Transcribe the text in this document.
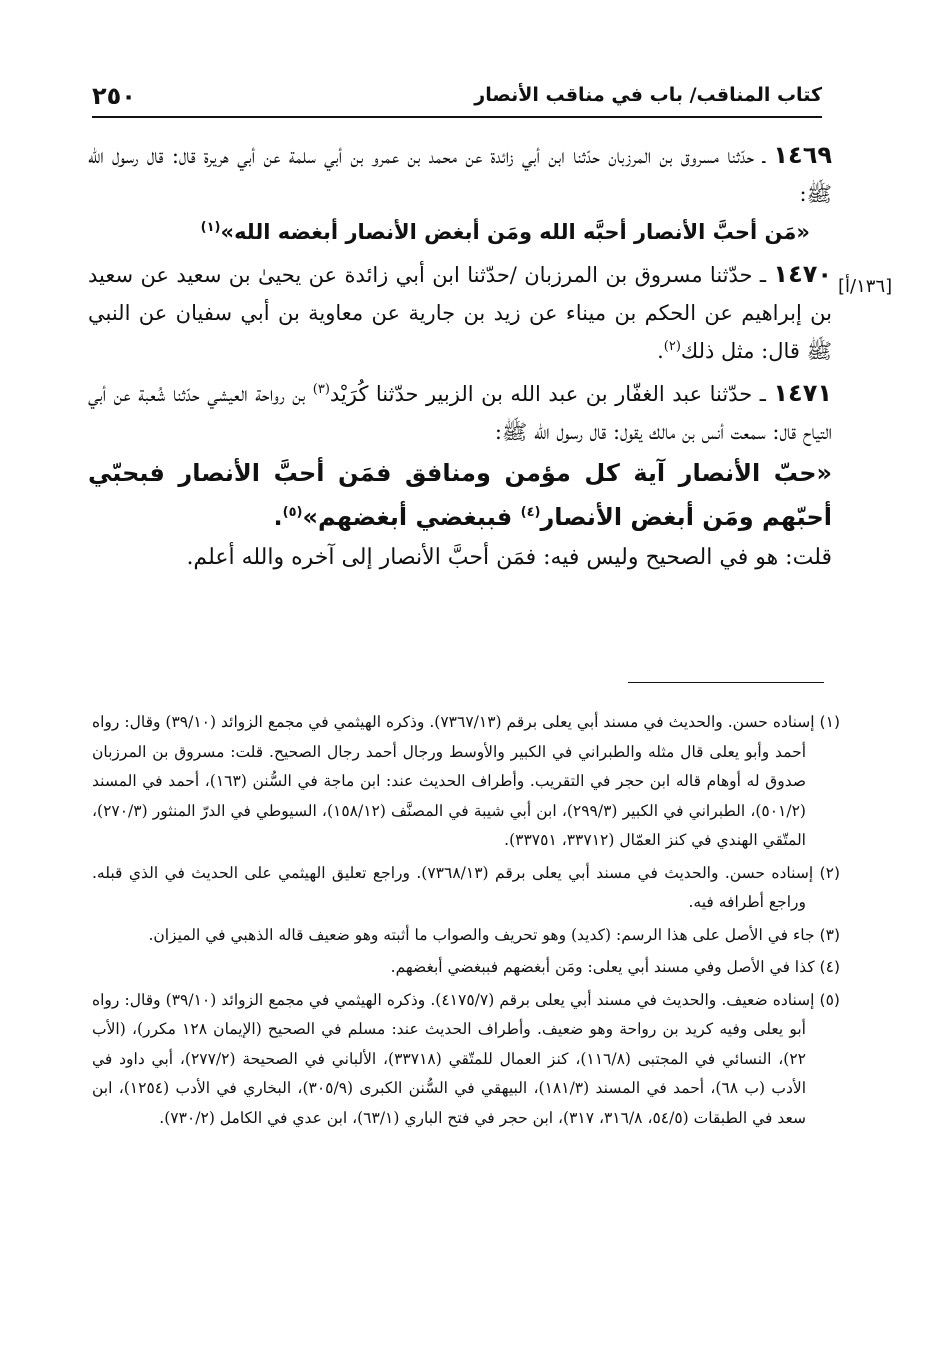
٢٥٠	كتاب المناقب/ باب في مناقب الأنصار
[١٣٦/أ]

١٤٦٩ ـ حدّثنا مسروق بن المرزبان حدّثنا ابن أبي زائدة عن محمد بن عمرو بن أبي سلمة عن أبي هريرة قال: قال رسول الله ﷺ:

«مَن أحبَّ الأنصار أحبَّه الله ومَن أبغض الأنصار أبغضه الله»$^{(١)}$

١٤٧٠ ـ حدّثنا مسروق بن المرزبان /حدّثنا ابن أبي زائدة عن يحيىٰ بن سعيد عن سعيد بن إبراهيم عن الحكم بن ميناء عن زيد بن جارية عن معاوية بن أبي سفيان عن النبي ﷺ قال: مثل ذلك$^{(٢)}$.

١٤٧١ ـ حدّثنا عبد الغفّار بن عبد الله بن الزبير حدّثنا كُرَيْد$^{(٣)}$ بن رواحة العيشي حدّثنا شُعبة عن أبي التياح قال: سمعت أنس بن مالك يقول: قال رسول الله ﷺ:

«حبّ الأنصار آية كل مؤمن ومنافق فمَن أحبَّ الأنصار فبحبّي أحبّهم ومَن أبغض الأنصار$^{(٤)}$ فببغضي أبغضهم»$^{(٥)}$.

قلت: هو في الصحيح وليس فيه: فمَن أحبَّ الأنصار إلى آخره والله أعلم.

(١) إسناده حسن. والحديث في مسند أبي يعلى برقم (٧٣٦٧/١٣). وذكره الهيثمي في مجمع الزوائد (٣٩/١٠) وقال: رواه أحمد وأبو يعلى قال مثله والطبراني في الكبير والأوسط ورجال أحمد رجال الصحيح. قلت: مسروق بن المرزبان صدوق له أوهام قاله ابن حجر في التقريب. وأطراف الحديث عند: ابن ماجة في السُّنن (١٦٣)، أحمد في المسند (٥٠١/٢)، الطبراني في الكبير (٢٩٩/٣)، ابن أبي شيبة في المصنَّف (١٥٨/١٢)، السيوطي في الدرّ المنثور (٢٧٠/٣)، المتّقي الهندي في كنز العمّال (٣٣٧١٢، ٣٣٧٥١).

(٢) إسناده حسن. والحديث في مسند أبي يعلى برقم (٧٣٦٨/١٣). وراجع تعليق الهيثمي على الحديث في الذي قبله. وراجع أطرافه فيه.

(٣) جاء في الأصل على هذا الرسم: (كديد) وهو تحريف والصواب ما أثبته وهو ضعيف قاله الذهبي في الميزان.

(٤) كذا في الأصل وفي مسند أبي يعلى: ومَن أبغضهم فببغضي أبغضهم.

(٥) إسناده ضعيف. والحديث في مسند أبي يعلى برقم (٤١٧٥/٧). وذكره الهيثمي في مجمع الزوائد (٣٩/١٠) وقال: رواه أبو يعلى وفيه كريد بن رواحة وهو ضعيف. وأطراف الحديث عند: مسلم في الصحيح (الإيمان ١٢٨ مكرر)، (الأب ٢٢)، النسائي في المجتبى (١١٦/٨)، كنز العمال للمتّقي (٣٣٧١٨)، الألباني في الصحيحة (٢٧٧/٢)، أبي داود في الأدب (ب ٦٨)، أحمد في المسند (١٨١/٣)، البيهقي في السُّنن الكبرى (٣٠٥/٩)، البخاري في الأدب (١٢٥٤)، ابن سعد في الطبقات (٥٤/٥، ٣١٦/٨، ٣١٧)، ابن حجر في فتح الباري (٦٣/١)، ابن عدي في الكامل (٧٣٠/٢).
